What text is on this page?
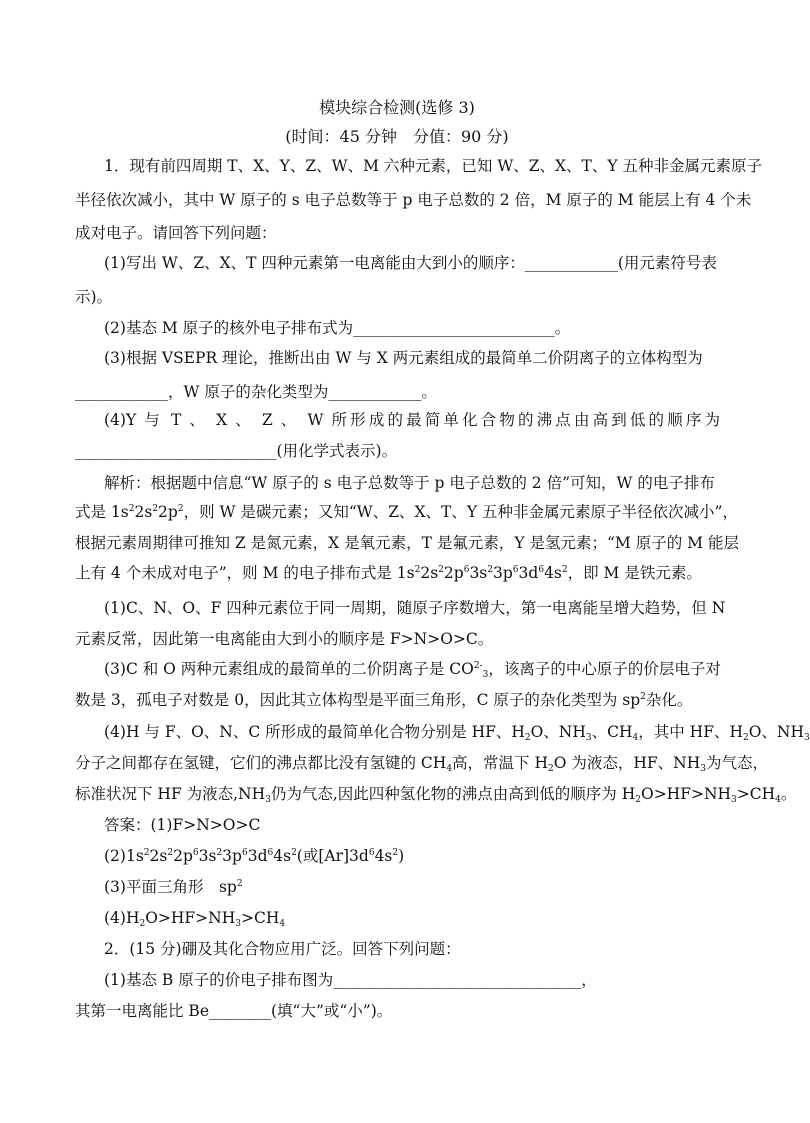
模块综合检测(选修 3)
(时间：45 分钟　分值：90 分)
1．现有前四周期 T、X、Y、Z、W、M 六种元素，已知 W、Z、X、T、Y 五种非金属元素原子
半径依次减小，其中 W 原子的 s 电子总数等于 p 电子总数的 2 倍，M 原子的 M 能层上有 4 个未
成对电子。请回答下列问题：
(1)写出 W、Z、X、T 四种元素第一电离能由大到小的顺序：____________(用元素符号表
示)。
(2)基态 M 原子的核外电子排布式为__________________________。
(3)根据 VSEPR 理论，推断出由 W 与 X 两元素组成的最简单二价阴离子的立体构型为
____________，W 原子的杂化类型为____________。
(4)Y 与 T 、 X 、 Z 、 W 所形成的最简单化合物的沸点由高到低的顺序为
__________________________(用化学式表示)。
解析：根据题中信息“W 原子的 s 电子总数等于 p 电子总数的 2 倍”可知，W 的电子排布
式是 $1s^22s^22p^2$，则 W 是碳元素；又知“W、Z、X、T、Y 五种非金属元素原子半径依次减小”，
根据元素周期律可推知 Z 是氮元素，X 是氧元素，T 是氟元素，Y 是氢元素；“M 原子的 M 能层
上有 4 个未成对电子”，则 M 的电子排布式是 $1s^22s^22p^63s^23p^63d^64s^2$，即 M 是铁元素。
(1)C、N、O、F 四种元素位于同一周期，随原子序数增大，第一电离能呈增大趋势，但 N
元素反常，因此第一电离能由大到小的顺序是 F>N>O>C。
(3)C 和 O 两种元素组成的最简单的二价阴离子是 $CO^{2-}_3$，该离子的中心原子的价层电子对
数是 3，孤电子对数是 0，因此其立体构型是平面三角形，C 原子的杂化类型为 $sp^2$杂化。
(4)H 与 F、O、N、C 所形成的最简单化合物分别是 HF、$H_2O$、$NH_3$、$CH_4$，其中 HF、$H_2O$、$NH_3$
分子之间都存在氢键，它们的沸点都比没有氢键的 $CH_4$高，常温下 $H_2O$ 为液态，HF、$NH_3$为气态，
标准状况下 HF 为液态$,NH_3$仍为气态,因此四种氢化物的沸点由高到低的顺序为 $H_2O>HF>NH_3>CH_4$。
答案：(1)F>N>O>C
$(2)1s^22s^22p^63s^23p^63d^64s^2$(或$[Ar]3d^64s^2$)
(3)平面三角形　$sp^2$
$(4)H_2O>HF>NH_3>CH_4$
2．(15 分)硼及其化合物应用广泛。回答下列问题：
(1)基态 B 原子的价电子排布图为________________________________，
其第一电离能比 Be________(填“大”或“小”)。
